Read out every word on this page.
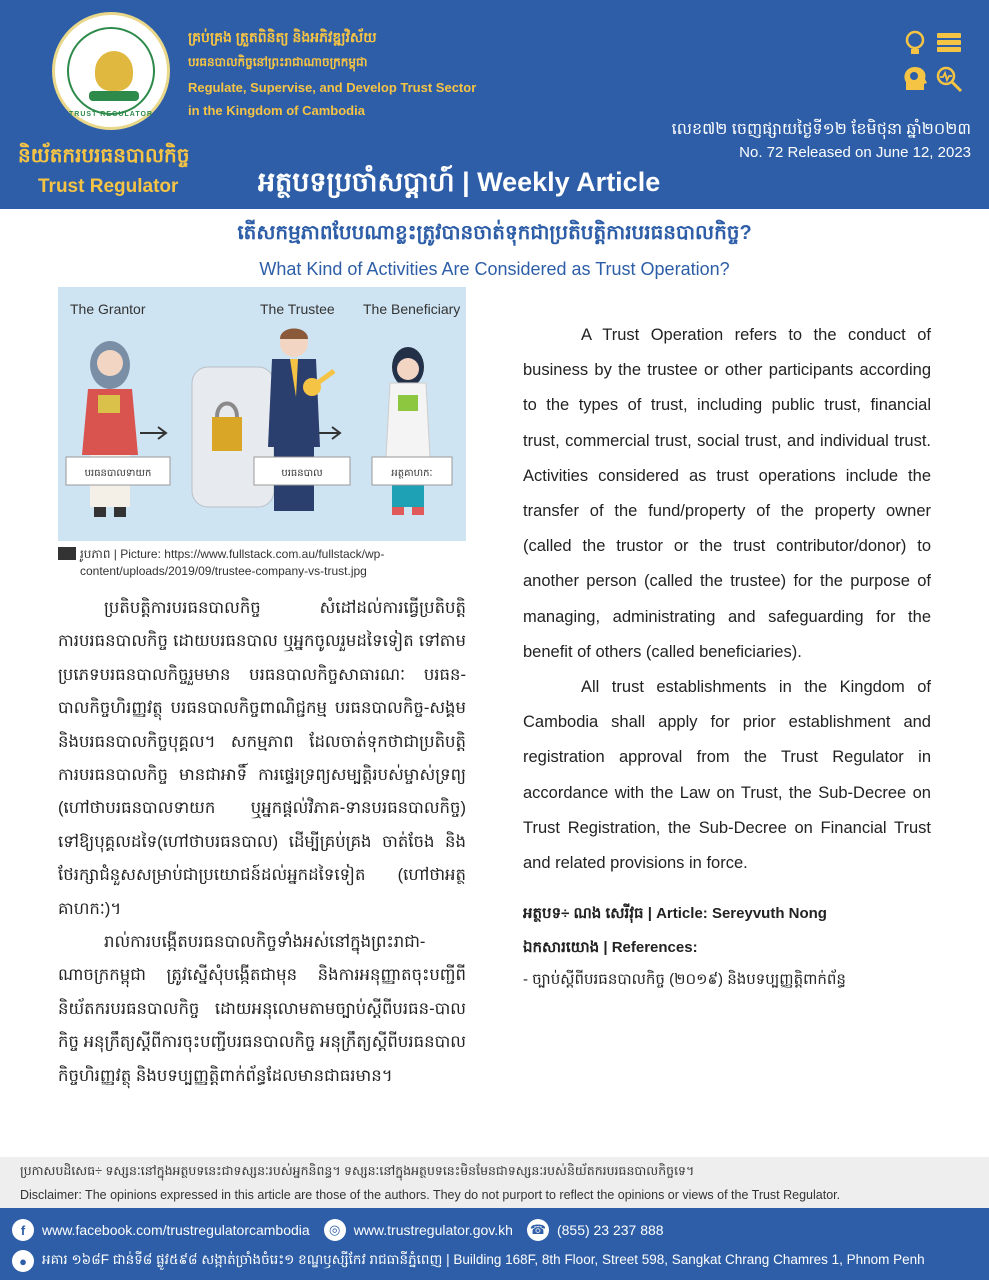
TRUST REGULATOR
គ្រប់គ្រង ត្រួតពិនិត្យ និងអភិវឌ្ឍវិស័យ
បរធនបាលកិច្ចនៅព្រះរាជាណាចក្រកម្ពុជា
Regulate, Supervise, and Develop Trust Sector
in the Kingdom of Cambodia
និយ័តករបរធនបាលកិច្ច
Trust Regulator	អត្ថបទប្រចាំសប្ដាហ៍ | Weekly Article
លេខ៧២ ចេញផ្សាយថ្ងៃទី១២ ខែមិថុនា ឆ្នាំ២០២៣
No. 72 Released on June 12, 2023
តើសកម្មភាពបែបណាខ្លះត្រូវបានចាត់ទុកជាប្រតិបត្តិការបរធនបាលកិច្ច?
What Kind of Activities Are Considered as Trust Operation?
The Grantor	The Trustee The Beneficiary
បរធនបាលទាយក	បរធនបាល	អត្ថគាហកៈ
រូបភាព | Picture: https://www.fullstack.com.au/fullstack/wp-
content/uploads/2019/09/trustee-company-vs-trust.jpg

ប្រតិបត្តិការបរធនបាលកិច្ច សំដៅដល់ការធ្វើប្រតិបត្តិការបរធនបាលកិច្ច ដោយបរធនបាល ឬអ្នកចូលរួមដទៃទៀត ទៅតាមប្រភេទបរធនបាលកិច្ចរួមមាន បរធនបាលកិច្ចសាធារណៈ បរធន-បាលកិច្ចហិរញ្ញវត្ថុ បរធនបាលកិច្ចពាណិជ្ជកម្ម បរធនបាលកិច្ច-សង្គម និងបរធនបាលកិច្ចបុគ្គល។ សកម្មភាព ដែលចាត់ទុកថាជាប្រតិបត្តិការបរធនបាលកិច្ច មានជាអាទិ៍ ការផ្ទេរទ្រព្យសម្បត្តិរបស់ម្ចាស់ទ្រព្យ (ហៅថាបរធនបាលទាយក ឬអ្នកផ្ដល់វិភាគ-ទានបរធនបាលកិច្ច) ទៅឱ្យបុគ្គលដទៃ(ហៅថាបរធនបាល) ដើម្បីគ្រប់គ្រង ចាត់ចែង និងថែរក្សាជំនួសសម្រាប់ជាប្រយោជន៍ដល់អ្នកដទៃទៀត (ហៅថាអត្ថគាហកៈ)។

រាល់ការបង្កើតបរធនបាលកិច្ចទាំងអស់នៅក្នុងព្រះរាជា-ណាចក្រកម្ពុជា ត្រូវស្នើសុំបង្កើតជាមុន និងការអនុញ្ញាតចុះបញ្ជីពីនិយ័តករបរធនបាលកិច្ច ដោយអនុលោមតាមច្បាប់ស្ដីពីបរធន-បាលកិច្ច អនុក្រឹត្យស្ដីពីការចុះបញ្ជីបរធនបាលកិច្ច អនុក្រឹត្យស្ដីពីបរធនបាលកិច្ចហិរញ្ញវត្ថុ និងបទប្បញ្ញត្តិពាក់ព័ន្ធដែលមានជាធរមាន។

A Trust Operation refers to the conduct of business by the trustee or other participants according to the types of trust, including public trust, financial trust, commercial trust, social trust, and individual trust. Activities considered as trust operations include the transfer of the fund/property of the property owner (called the trustor or the trust contributor/donor) to another person (called the trustee) for the purpose of managing, administrating and safeguarding for the benefit of others (called beneficiaries).

All trust establishments in the Kingdom of Cambodia shall apply for prior establishment and registration approval from the Trust Regulator in accordance with the Law on Trust, the Sub-Decree on Trust Registration, the Sub-Decree on Financial Trust and related provisions in force.

អត្ថបទ÷ ណង សេរីវុធ | Article: Sereyvuth Nong
ឯកសារយោង | References:
- ច្បាប់ស្ដីពីបរធនបាលកិច្ច (២០១៩) និងបទប្បញ្ញត្តិពាក់ព័ន្ធ
ប្រកាសបដិសេធ÷ ទស្សនៈនៅក្នុងអត្ថបទនេះជាទស្សនៈរបស់អ្នកនិពន្ធ។ ទស្សនៈនៅក្នុងអត្ថបទនេះមិនមែនជាទស្សនៈរបស់និយ័តករបរធនបាលកិច្ចទេ។
Disclaimer: The opinions expressed in this article are those of the authors. They do not purport to reflect the opinions or views of the Trust Regulator.
f	www.facebook.com/trustregulatorcambodia	◎ www.trustregulator.gov.kh ☎ (855) 23 237 888
●	អគារ ១៦៨F ជាន់ទី៨ ផ្លូវ៥៩៨ សង្កាត់ច្រាំងចំរេះ១ ខណ្ឌឫស្សីកែវ រាជធានីភ្នំពេញ | Building 168F, 8th Floor, Street 598, Sangkat Chrang Chamres 1, Phnom Penh
